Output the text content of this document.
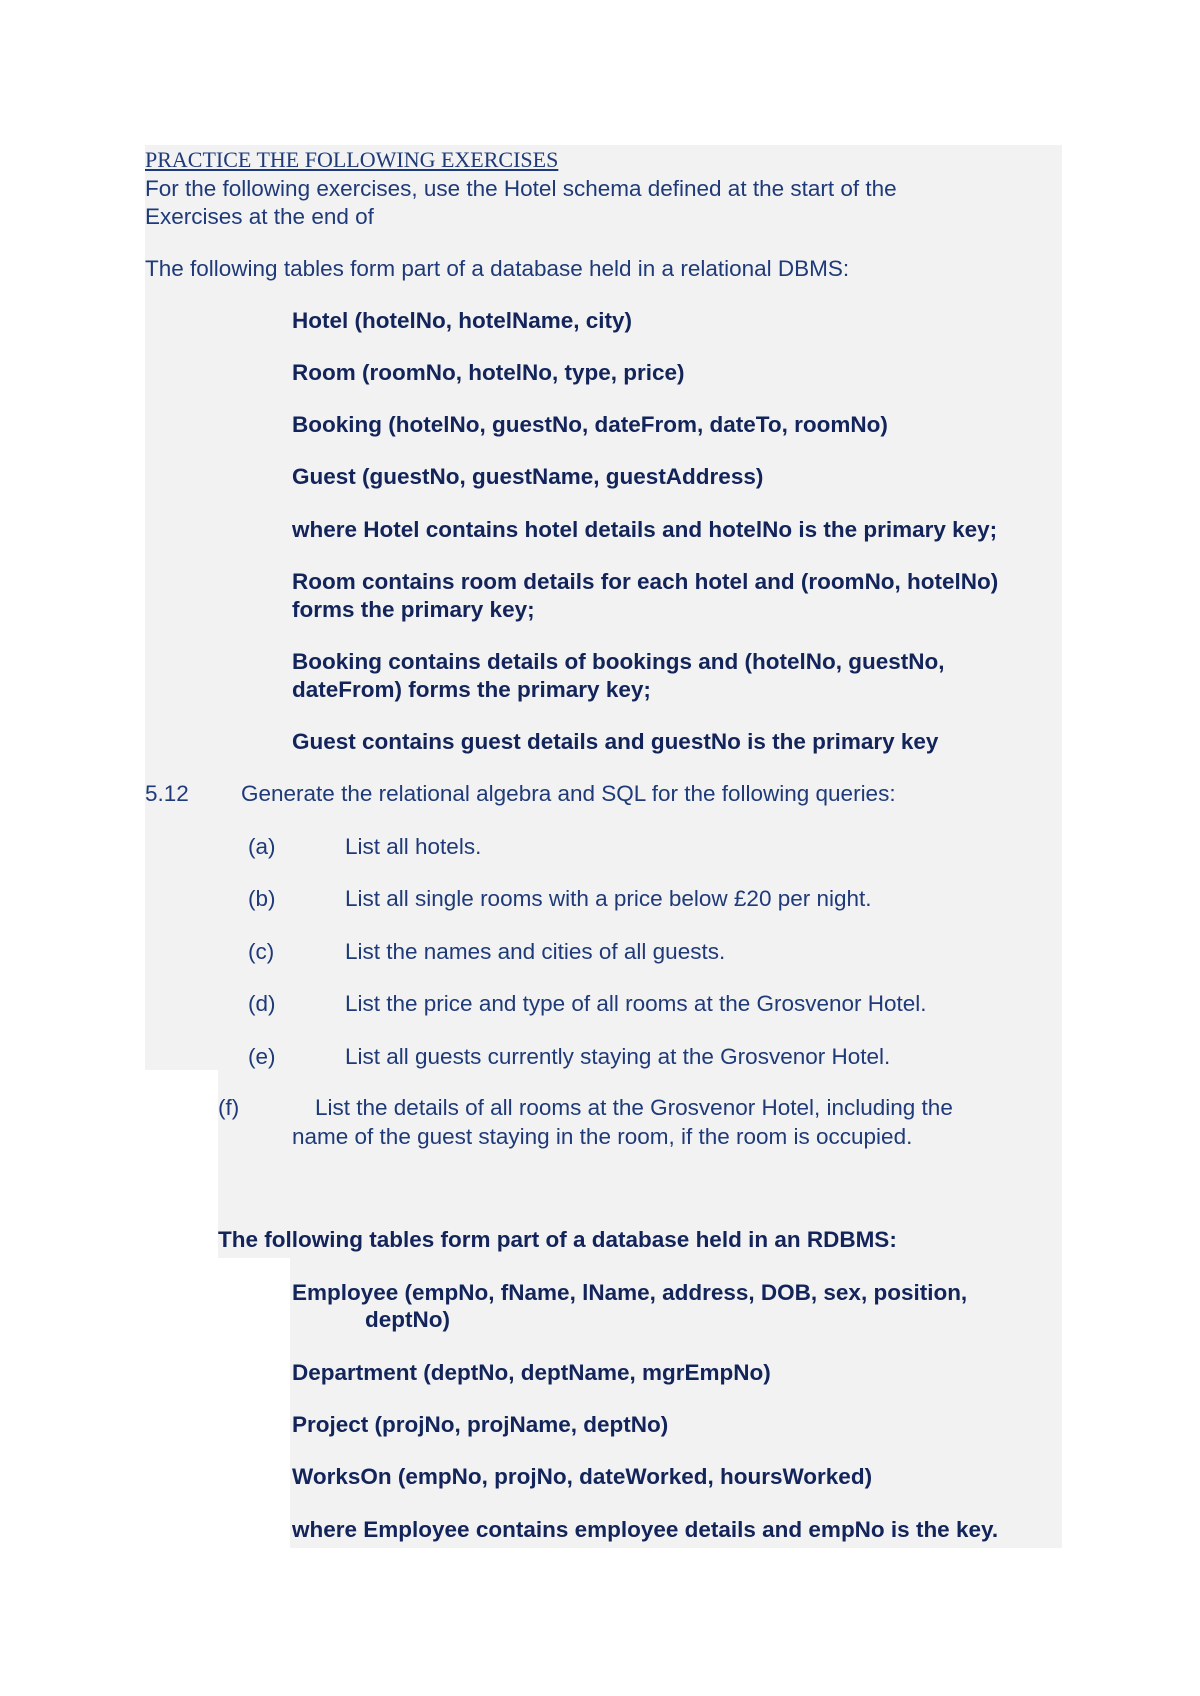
PRACTICE THE FOLLOWING EXERCISES
For the following exercises, use the Hotel schema defined at the start of the
Exercises at the end of
The following tables form part of a database held in a relational DBMS:
Hotel (hotelNo, hotelName, city)
Room (roomNo, hotelNo, type, price)
Booking (hotelNo, guestNo, dateFrom, dateTo, roomNo)
Guest (guestNo, guestName, guestAddress)
where Hotel contains hotel details and hotelNo is the primary key;
Room contains room details for each hotel and (roomNo, hotelNo)
forms the primary key;
Booking contains details of bookings and (hotelNo, guestNo,
dateFrom) forms the primary key;
Guest contains guest details and guestNo is the primary key
5.12 Generate the relational algebra and SQL for the following queries:
(a)	List all hotels.
(b)	List all single rooms with a price below £20 per night.
(c)	List the names and cities of all guests.
(d)	List the price and type of all rooms at the Grosvenor Hotel.
(e)	List all guests currently staying at the Grosvenor Hotel.
(f)	List the details of all rooms at the Grosvenor Hotel, including the
name of the guest staying in the room, if the room is occupied.
The following tables form part of a database held in an RDBMS:
Employee (empNo, fName, lName, address, DOB, sex, position,
deptNo)
Department (deptNo, deptName, mgrEmpNo)
Project (projNo, projName, deptNo)
WorksOn (empNo, projNo, dateWorked, hoursWorked)
where Employee contains employee details and empNo is the key.
